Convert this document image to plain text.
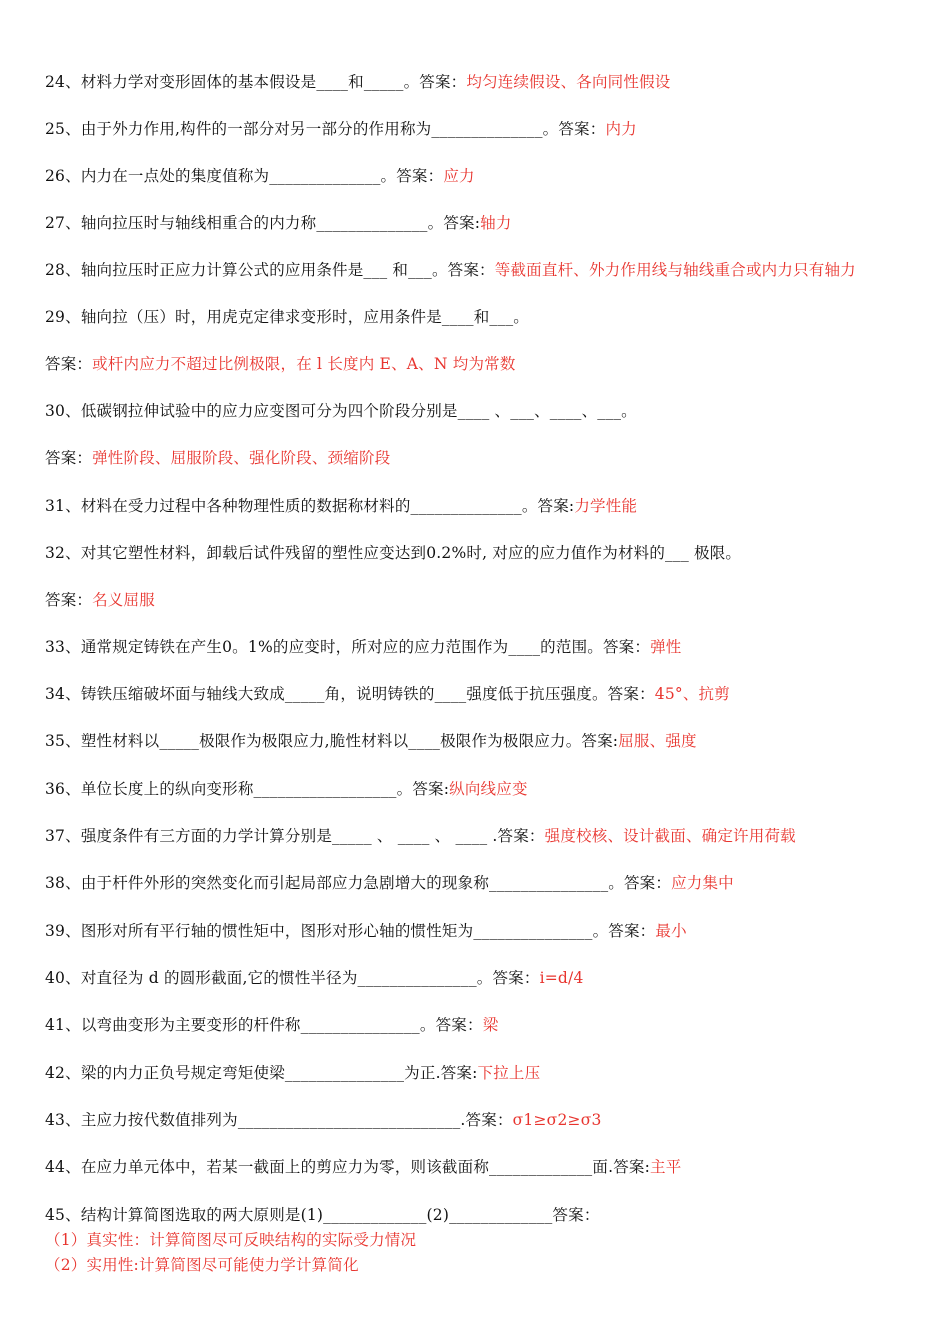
24、材料力学对变形固体的基本假设是____和_____。答案：均匀连续假设、各向同性假设
25、由于外力作用,构件的一部分对另一部分的作用称为______________。答案：内力
26、内力在一点处的集度值称为______________。答案：应力
27、轴向拉压时与轴线相重合的内力称______________。答案:轴力
28、轴向拉压时正应力计算公式的应用条件是___ 和___。答案：等截面直杆、外力作用线与轴线重合或内力只有轴力
29、轴向拉（压）时，用虎克定律求变形时，应用条件是____和___。
答案：或杆内应力不超过比例极限，在 l 长度内 E、A、N 均为常数
30、低碳钢拉伸试验中的应力应变图可分为四个阶段分别是____ 、___、____、___。
答案：弹性阶段、屈服阶段、强化阶段、颈缩阶段
31、材料在受力过程中各种物理性质的数据称材料的______________。答案:力学性能
32、对其它塑性材料，卸载后试件残留的塑性应变达到0.2%时, 对应的应力值作为材料的___ 极限。
答案：名义屈服
33、通常规定铸铁在产生0。1%的应变时，所对应的应力范围作为____的范围。答案：弹性
34、铸铁压缩破坏面与轴线大致成_____角，说明铸铁的____强度低于抗压强度。答案：45°、抗剪
35、塑性材料以_____极限作为极限应力,脆性材料以____极限作为极限应力。答案:屈服、强度
36、单位长度上的纵向变形称__________________。答案:纵向线应变
37、强度条件有三方面的力学计算分别是_____ 、 ____ 、 ____ .答案：强度校核、设计截面、确定许用荷载
38、由于杆件外形的突然变化而引起局部应力急剧增大的现象称_______________。答案：应力集中
39、图形对所有平行轴的惯性矩中，图形对形心轴的惯性矩为_______________。答案：最小
40、对直径为 d 的圆形截面,它的惯性半径为_______________。答案：i=d/4
41、以弯曲变形为主要变形的杆件称_______________。答案：梁
42、梁的内力正负号规定弯矩使梁_______________为正.答案:下拉上压
43、主应力按代数值排列为____________________________.答案：σ1≥σ2≥σ3
44、在应力单元体中，若某一截面上的剪应力为零，则该截面称_____________面.答案:主平
45、结构计算简图选取的两大原则是(1)_____________(2)_____________答案：
（1）真实性：计算简图尽可反映结构的实际受力情况
（2）实用性:计算简图尽可能使力学计算简化
